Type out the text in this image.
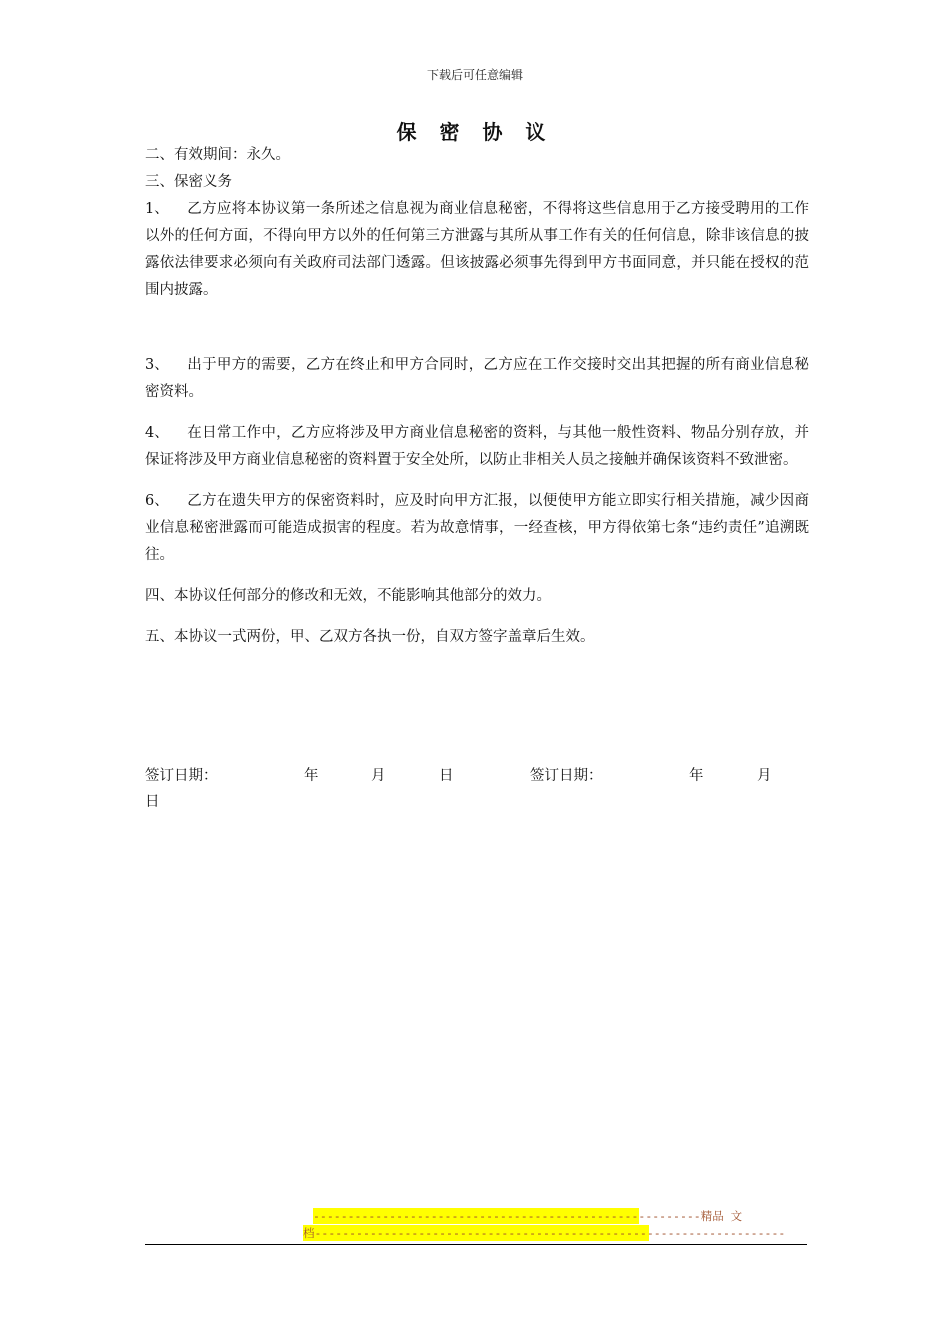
下载后可任意编辑
保 密 协 议

二、有效期间：永久。

三、保密义务

1、 乙方应将本协议第一条所述之信息视为商业信息秘密，不得将这些信息用于乙方接受聘用的工作以外的任何方面，不得向甲方以外的任何第三方泄露与其所从事工作有关的任何信息，除非该信息的披露依法律要求必须向有关政府司法部门透露。但该披露必须事先得到甲方书面同意，并只能在授权的范围内披露。

3、 出于甲方的需要，乙方在终止和甲方合同时，乙方应在工作交接时交出其把握的所有商业信息秘密资料。

4、 在日常工作中，乙方应将涉及甲方商业信息秘密的资料，与其他一般性资料、物品分别存放，并保证将涉及甲方商业信息秘密的资料置于安全处所，以防止非相关人员之接触并确保该资料不致泄密。

6、 乙方在遗失甲方的保密资料时，应及时向甲方汇报，以便使甲方能立即实行相关措施，减少因商业信息秘密泄露而可能造成损害的程度。若为故意情事，一经查核，甲方得依第七条“违约责任”追溯既往。

四、本协议任何部分的修改和无效，不能影响其他部分的效力。

五、本协议一式两份，甲、乙双方各执一份，自双方签字盖章后生效。

签订日期：	年	月	日	签订日期：	年	月
日
--------------------------------------------------------精品 文
档--------------------------------------------------------------------
